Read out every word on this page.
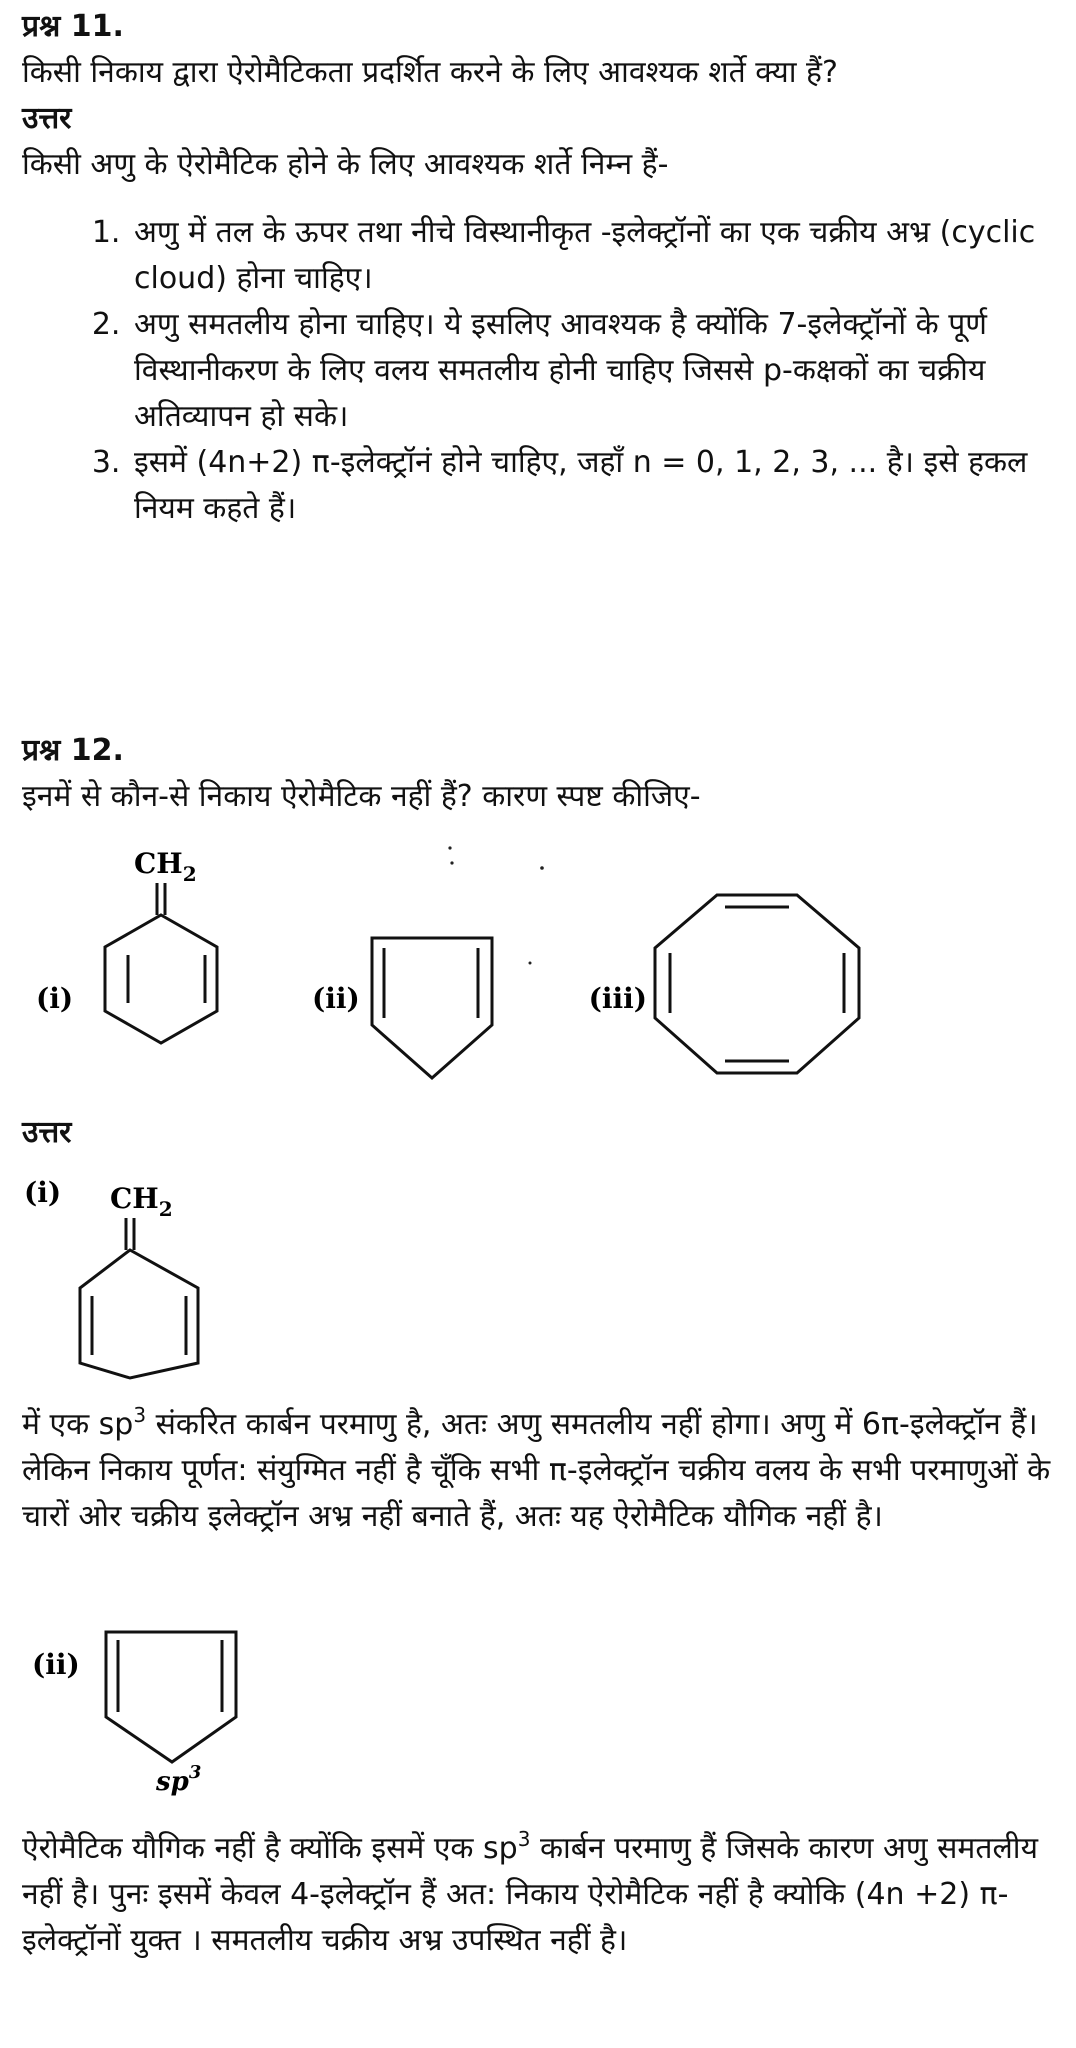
प्रश्न 11.

किसी निकाय द्वारा ऐरोमैटिकता प्रदर्शित करने के लिए आवश्यक शर्ते क्या हैं?

उत्तर

किसी अणु के ऐरोमैटिक होने के लिए आवश्यक शर्ते निम्न हैं-

1. अणु में तल के ऊपर तथा नीचे विस्थानीकृत -इलेक्ट्रॉनों का एक चक्रीय अभ्र (cyclic cloud) होना चाहिए।
2. अणु समतलीय होना चाहिए। ये इसलिए आवश्यक है क्योंकि 7-इलेक्ट्रॉनों के पूर्ण विस्थानीकरण के लिए वलय समतलीय होनी चाहिए जिससे p-कक्षकों का चक्रीय अतिव्यापन हो सके।
3. इसमें (4n+2) π-इलेक्ट्रॉनं होने चाहिए, जहाँ n = 0, 1, 2, 3, ... है। इसे हकल नियम कहते हैं।

प्रश्न 12.

इनमें से कौन-से निकाय ऐरोमैटिक नहीं हैं? कारण स्पष्ट कीजिए-

$CH_2$
(i)	(ii)	(iii)

उत्तर

(i) $CH_2$

में एक $sp^3$ संकरित कार्बन परमाणु है, अतः अणु समतलीय नहीं होगा। अणु में 6π-इलेक्ट्रॉन हैं। लेकिन निकाय पूर्णत: संयुग्मित नहीं है चूँकि सभी π-इलेक्ट्रॉन चक्रीय वलय के सभी परमाणुओं के चारों ओर चक्रीय इलेक्ट्रॉन अभ्र नहीं बनाते हैं, अतः यह ऐरोमैटिक यौगिक नहीं है।

(ii)
$sp^3$

ऐरोमैटिक यौगिक नहीं है क्योंकि इसमें एक $sp^3$ कार्बन परमाणु हैं जिसके कारण अणु समतलीय नहीं है। पुनः इसमें केवल 4-इलेक्ट्रॉन हैं अत: निकाय ऐरोमैटिक नहीं है क्योकि (4n +2) π-इलेक्ट्रॉनों युक्त । समतलीय चक्रीय अभ्र उपस्थित नहीं है।
